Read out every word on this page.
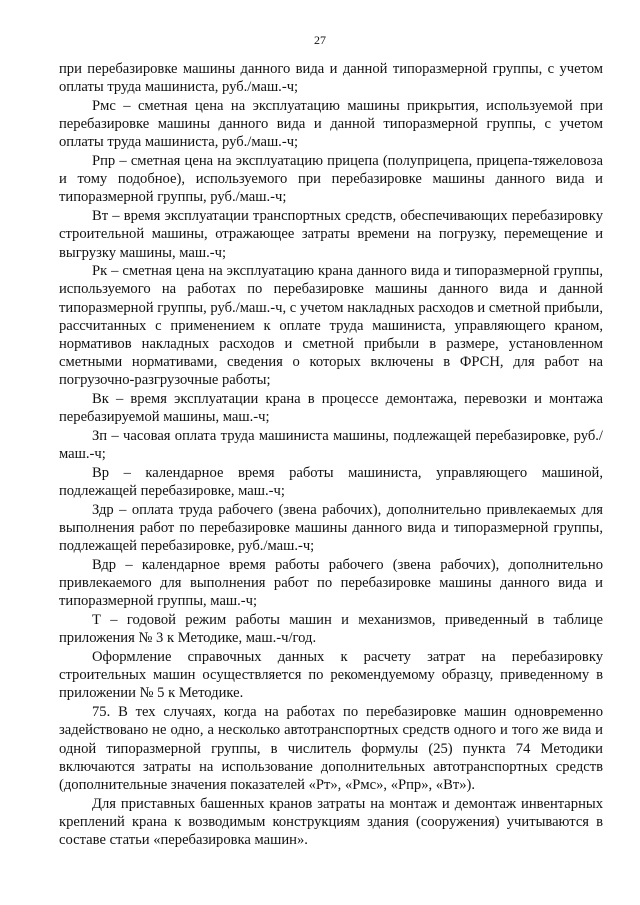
27

при перебазировке машины данного вида и данной типоразмерной группы, с учетом оплаты труда машиниста, руб./маш.-ч;

Рмс – сметная цена на эксплуатацию машины прикрытия, используемой при перебазировке машины данного вида и данной типоразмерной группы, с учетом оплаты труда машиниста, руб./маш.-ч;

Рпр – сметная цена на эксплуатацию прицепа (полуприцепа, прицепа-тяжеловоза и тому подобное), используемого при перебазировке машины данного вида и типоразмерной группы, руб./маш.-ч;

Вт – время эксплуатации транспортных средств, обеспечивающих перебазировку строительной машины, отражающее затраты времени на погрузку, перемещение и выгрузку машины, маш.-ч;

Рк – сметная цена на эксплуатацию крана данного вида и типоразмерной группы, используемого на работах по перебазировке машины данного вида и данной типоразмерной группы, руб./маш.-ч, с учетом накладных расходов и сметной прибыли, рассчитанных с применением к оплате труда машиниста, управляющего краном, нормативов накладных расходов и сметной прибыли в размере, установленном сметными нормативами, сведения о которых включены в ФРСН, для работ на погрузочно-разгрузочные работы;

Вк – время эксплуатации крана в процессе демонтажа, перевозки и монтажа перебазируемой машины, маш.-ч;

Зп – часовая оплата труда машиниста машины, подлежащей перебазировке, руб./маш.-ч;

Вр – календарное время работы машиниста, управляющего машиной, подлежащей перебазировке, маш.-ч;

Здр – оплата труда рабочего (звена рабочих), дополнительно привлекаемых для выполнения работ по перебазировке машины данного вида и типоразмерной группы, подлежащей перебазировке, руб./маш.-ч;

Вдр – календарное время работы рабочего (звена рабочих), дополнительно привлекаемого для выполнения работ по перебазировке машины данного вида и типоразмерной группы, маш.-ч;

Т – годовой режим работы машин и механизмов, приведенный в таблице приложения № 3 к Методике, маш.-ч/год.

Оформление справочных данных к расчету затрат на перебазировку строительных машин осуществляется по рекомендуемому образцу, приведенному в приложении № 5 к Методике.

75. В тех случаях, когда на работах по перебазировке машин одновременно задействовано не одно, а несколько автотранспортных средств одного и того же вида и одной типоразмерной группы, в числитель формулы (25) пункта 74 Методики включаются затраты на использование дополнительных автотранспортных средств (дополнительные значения показателей «Рт», «Рмс», «Рпр», «Вт»).

Для приставных башенных кранов затраты на монтаж и демонтаж инвентарных креплений крана к возводимым конструкциям здания (сооружения) учитываются в составе статьи «перебазировка машин».
